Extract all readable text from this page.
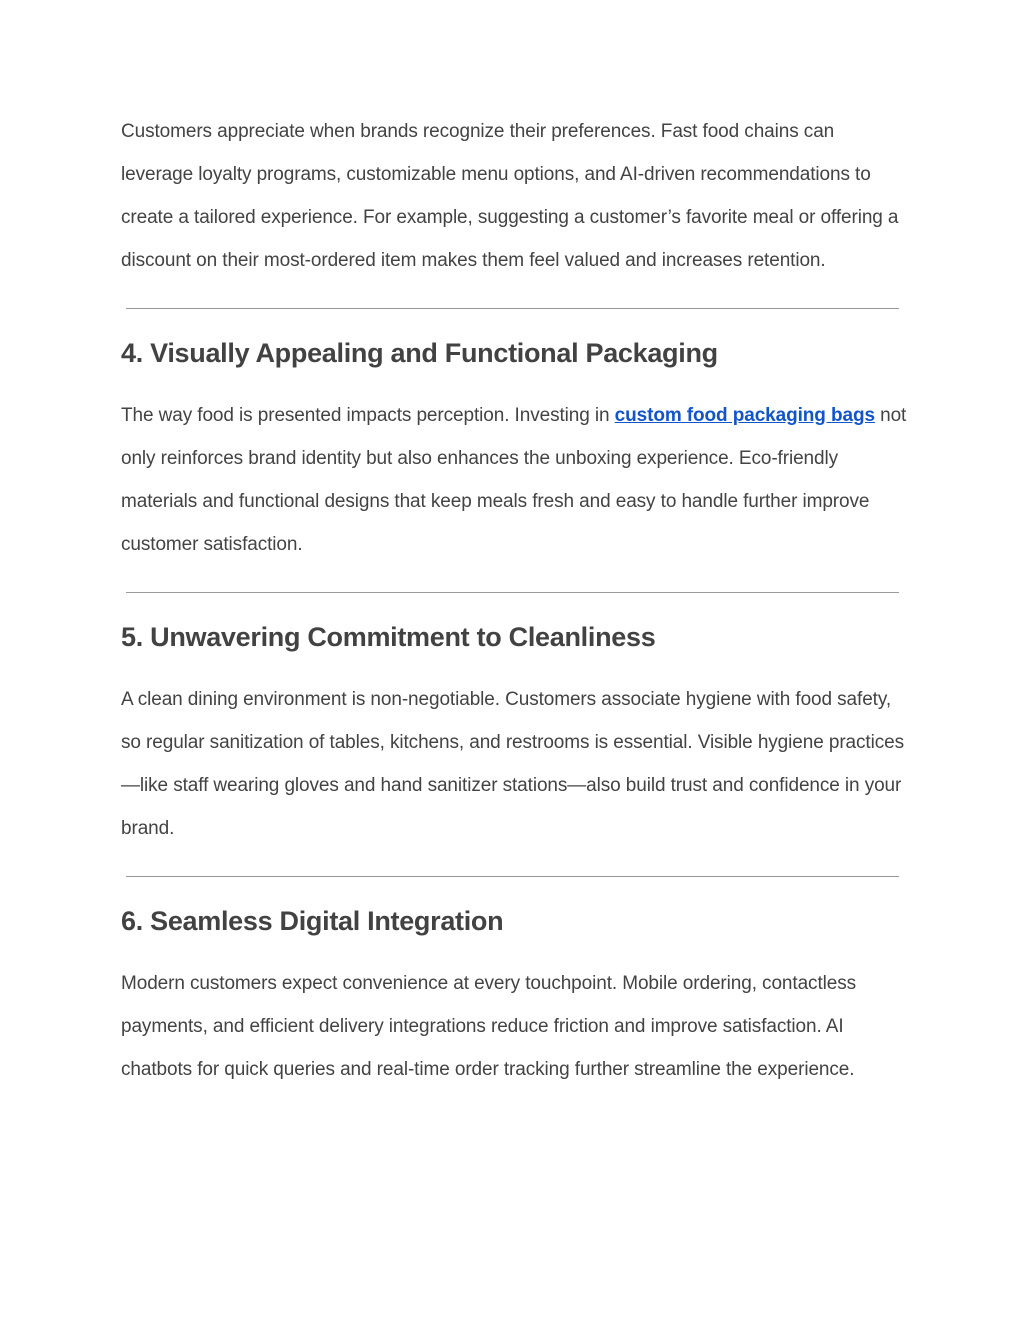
Customers appreciate when brands recognize their preferences. Fast food chains can leverage loyalty programs, customizable menu options, and AI-driven recommendations to create a tailored experience. For example, suggesting a customer’s favorite meal or offering a discount on their most-ordered item makes them feel valued and increases retention.

4. Visually Appealing and Functional Packaging

The way food is presented impacts perception. Investing in custom food packaging bags not only reinforces brand identity but also enhances the unboxing experience. Eco-friendly materials and functional designs that keep meals fresh and easy to handle further improve customer satisfaction.

5. Unwavering Commitment to Cleanliness

A clean dining environment is non-negotiable. Customers associate hygiene with food safety, so regular sanitization of tables, kitchens, and restrooms is essential. Visible hygiene practices—like staff wearing gloves and hand sanitizer stations—also build trust and confidence in your brand.

6. Seamless Digital Integration

Modern customers expect convenience at every touchpoint. Mobile ordering, contactless payments, and efficient delivery integrations reduce friction and improve satisfaction. AI chatbots for quick queries and real-time order tracking further streamline the experience.
